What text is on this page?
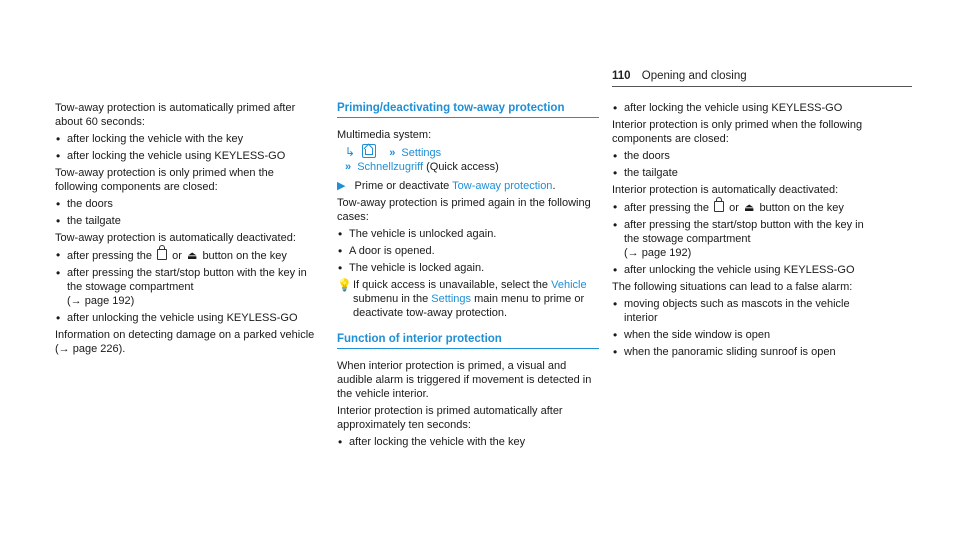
110 Opening and closing

Tow-away protection is automatically primed after about 60 seconds:

• after locking the vehicle with the key
• after locking the vehicle using KEYLESS-GO

Tow-away protection is only primed when the following components are closed:

• the doors
• the tailgate

Tow-away protection is automatically deactivated:

• after pressing the or ⏏ button on the key
• after pressing the start/stop button with the key in the stowage compartment
(→ page 192)
• after unlocking the vehicle using KEYLESS-GO

Information on detecting damage on a parked vehicle (→ page 226).

Priming/deactivating tow-away protection
Multimedia system:
↳	» Settings
» Schnellzugriff (Quick access)

▶ Prime or deactivate Tow-away protection.

Tow-away protection is primed again in the following cases:

• The vehicle is unlocked again.
• A door is opened.
• The vehicle is locked again.

💡 If quick access is unavailable, select the Vehicle submenu in the Settings main menu to prime or deactivate tow-away protection.

Function of interior protection

When interior protection is primed, a visual and audible alarm is triggered if movement is detected in the vehicle interior.

Interior protection is primed automatically after approximately ten seconds:

• after locking the vehicle with the key
• after locking the vehicle using KEYLESS-GO

Interior protection is only primed when the following components are closed:

• the doors
• the tailgate

Interior protection is automatically deactivated:

• after pressing the or ⏏ button on the key
• after pressing the start/stop button with the key in the stowage compartment
(→ page 192)
• after unlocking the vehicle using KEYLESS-GO

The following situations can lead to a false alarm:

• moving objects such as mascots in the vehicle interior
• when the side window is open
• when the panoramic sliding sunroof is open
